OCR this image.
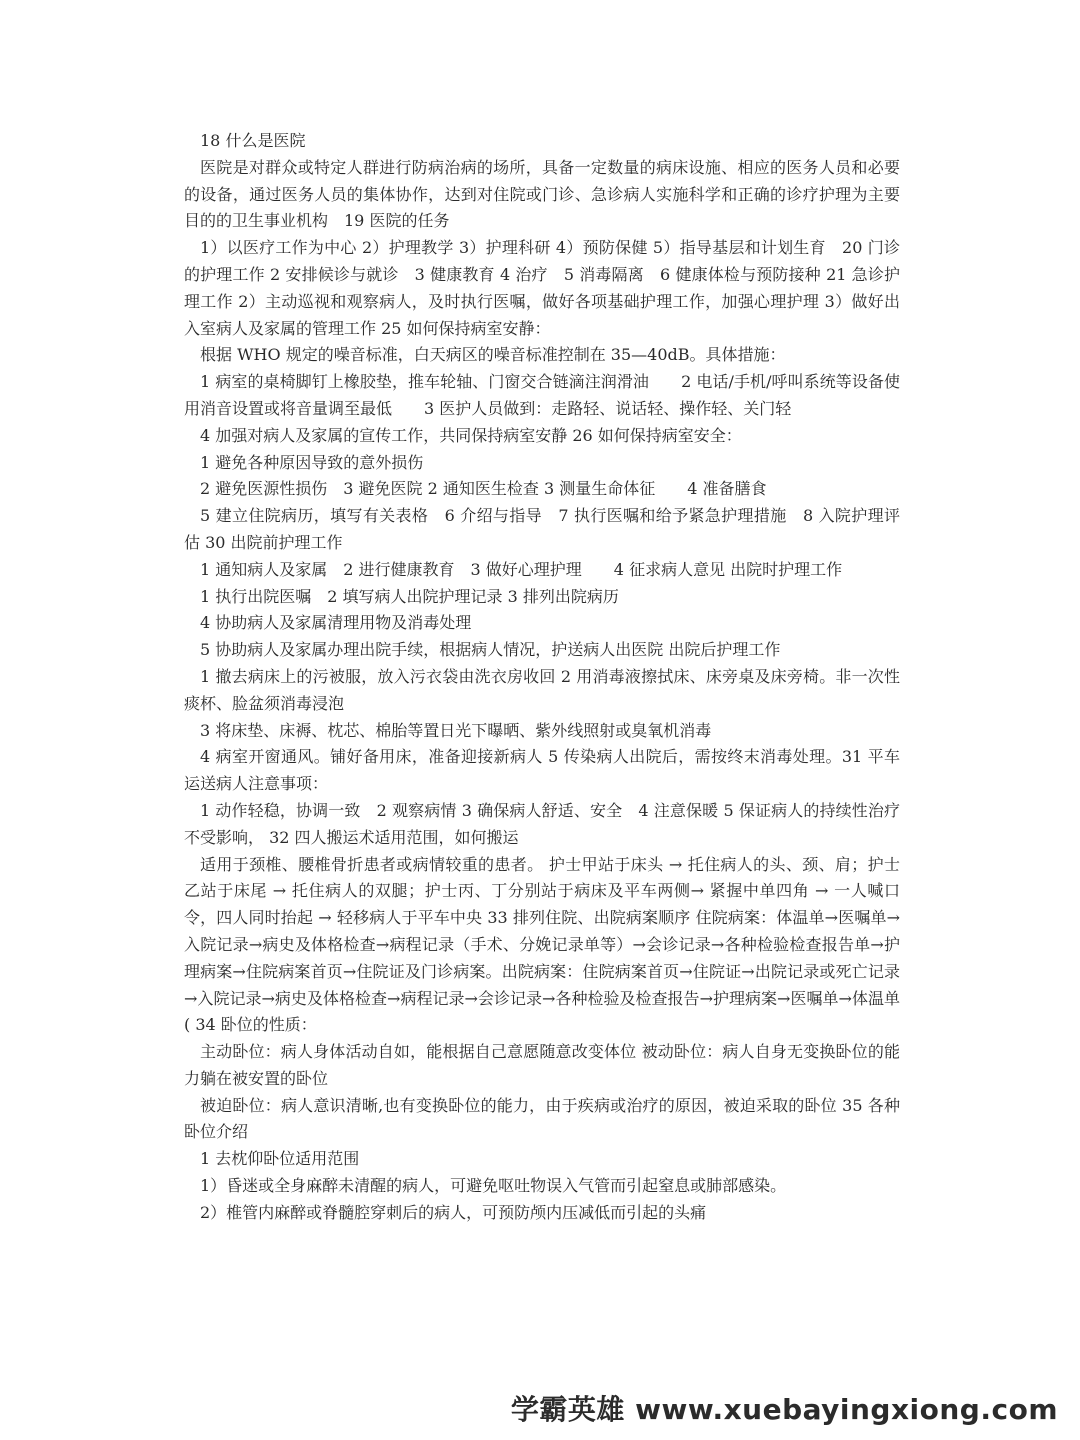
18 什么是医院

医院是对群众或特定人群进行防病治病的场所，具备一定数量的病床设施、相应的医务人员和必要的设备，通过医务人员的集体协作，达到对住院或门诊、急诊病人实施科学和正确的诊疗护理为主要目的的卫生事业机构　19 医院的任务

1）以医疗工作为中心 2）护理教学 3）护理科研 4）预防保健 5）指导基层和计划生育　20 门诊的护理工作 2 安排候诊与就诊　3 健康教育 4 治疗　5 消毒隔离　6 健康体检与预防接种 21 急诊护理工作 2）主动巡视和观察病人，及时执行医嘱，做好各项基础护理工作，加强心理护理 3）做好出入室病人及家属的管理工作 25 如何保持病室安静：

根据 WHO 规定的噪音标准，白天病区的噪音标准控制在 35—40dB。具体措施：

1 病室的桌椅脚钉上橡胶垫，推车轮轴、门窗交合链滴注润滑油　　2 电话/手机/呼叫系统等设备使用消音设置或将音量调至最低　　3 医护人员做到：走路轻、说话轻、操作轻、关门轻

4 加强对病人及家属的宣传工作，共同保持病室安静 26 如何保持病室安全：

1 避免各种原因导致的意外损伤

2 避免医源性损伤　3 避免医院 2 通知医生检查 3 测量生命体征　　4 准备膳食

5 建立住院病历，填写有关表格　6 介绍与指导　7 执行医嘱和给予紧急护理措施　8 入院护理评估 30 出院前护理工作

1 通知病人及家属　2 进行健康教育　3 做好心理护理　　4 征求病人意见 出院时护理工作

1 执行出院医嘱　2 填写病人出院护理记录 3 排列出院病历

4 协助病人及家属清理用物及消毒处理

5 协助病人及家属办理出院手续，根据病人情况，护送病人出医院 出院后护理工作

1 撤去病床上的污被服，放入污衣袋由洗衣房收回 2 用消毒液擦拭床、床旁桌及床旁椅。非一次性痰杯、脸盆须消毒浸泡

3 将床垫、床褥、枕芯、棉胎等置日光下曝晒、紫外线照射或臭氧机消毒

4 病室开窗通风。铺好备用床，准备迎接新病人 5 传染病人出院后，需按终末消毒处理。31 平车运送病人注意事项：

1 动作轻稳，协调一致　2 观察病情 3 确保病人舒适、安全　4 注意保暖 5 保证病人的持续性治疗不受影响， 32 四人搬运术适用范围，如何搬运

适用于颈椎、腰椎骨折患者或病情较重的患者。 护士甲站于床头 → 托住病人的头、颈、肩；护士乙站于床尾 → 托住病人的双腿；护士丙、丁分别站于病床及平车两侧→ 紧握中单四角 → 一人喊口令，四人同时抬起 → 轻移病人于平车中央 33 排列住院、出院病案顺序 住院病案：体温单→医嘱单→入院记录→病史及体格检查→病程记录（手术、分娩记录单等）→会诊记录→各种检验检查报告单→护理病案→住院病案首页→住院证及门诊病案。出院病案：住院病案首页→住院证→出院记录或死亡记录→入院记录→病史及体格检查→病程记录→会诊记录→各种检验及检查报告→护理病案→医嘱单→体温单( 34 卧位的性质：

主动卧位：病人身体活动自如，能根据自己意愿随意改变体位 被动卧位：病人自身无变换卧位的能力躺在被安置的卧位

被迫卧位：病人意识清晰,也有变换卧位的能力，由于疾病或治疗的原因，被迫采取的卧位 35 各种卧位介绍

1 去枕仰卧位适用范围

1）昏迷或全身麻醉未清醒的病人，可避免呕吐物误入气管而引起窒息或肺部感染。

2）椎管内麻醉或脊髓腔穿刺后的病人，可预防颅内压减低而引起的头痛

学霸英雄 www.xuebayingxiong.com
